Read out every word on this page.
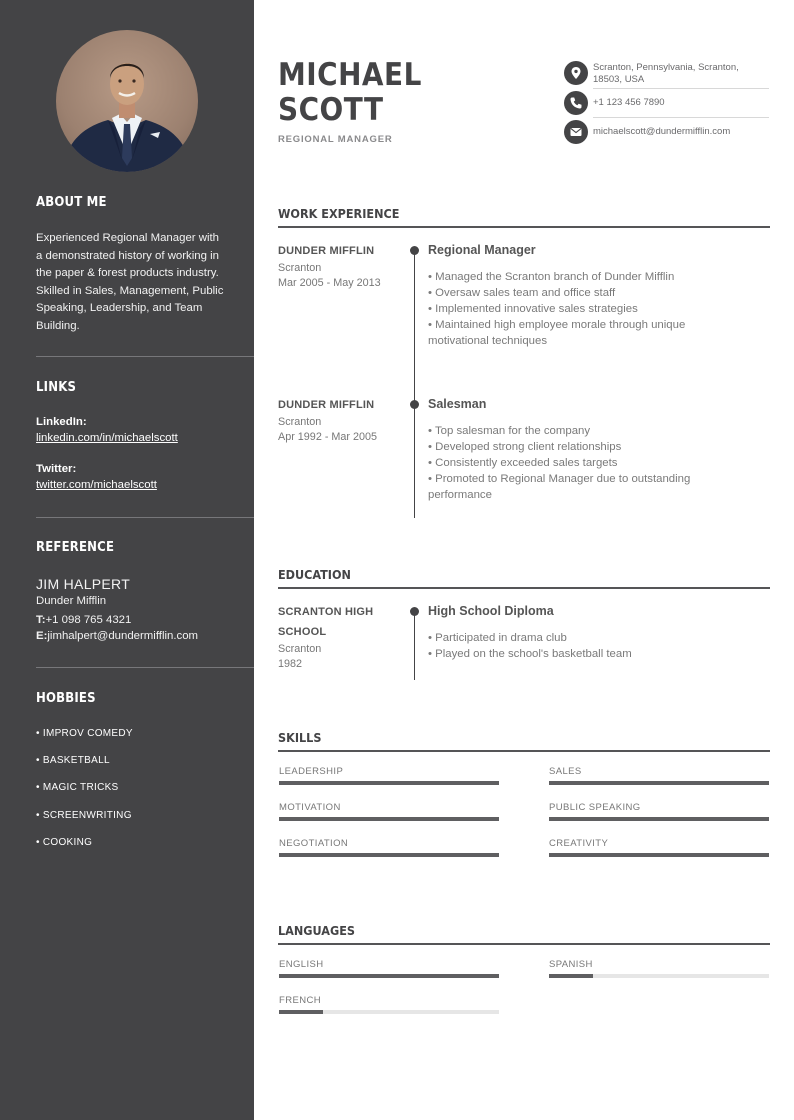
ABOUT ME
Experienced Regional Manager with a demonstrated history of working in the paper & forest products industry. Skilled in Sales, Management, Public Speaking, Leadership, and Team Building.
LINKS
LinkedIn:
linkedin.com/in/michaelscott
Twitter:
twitter.com/michaelscott
REFERENCE
JIM HALPERT
Dunder Mifflin
T:+1 098 765 4321
E:jimhalpert@dundermifflin.com
HOBBIES
• IMPROV COMEDY
• BASKETBALL
• MAGIC TRICKS
• SCREENWRITING
• COOKING
MICHAEL
SCOTT
REGIONAL MANAGER
Scranton, Pennsylvania, Scranton, 18503, USA
+1 123 456 7890
michaelscott@dundermifflin.com
WORK EXPERIENCE
DUNDER MIFFLIN
Scranton
Mar 2005 - May 2013
Regional Manager
• Managed the Scranton branch of Dunder Mifflin
• Oversaw sales team and office staff
• Implemented innovative sales strategies
• Maintained high employee morale through unique motivational techniques
DUNDER MIFFLIN
Scranton
Apr 1992 - Mar 2005
Salesman
• Top salesman for the company
• Developed strong client relationships
• Consistently exceeded sales targets
• Promoted to Regional Manager due to outstanding performance
EDUCATION
SCRANTON HIGH SCHOOL
Scranton
1982
High School Diploma
• Participated in drama club
• Played on the school's basketball team
SKILLS
LEADERSHIP	SALES
MOTIVATION	PUBLIC SPEAKING
NEGOTIATION	CREATIVITY
LANGUAGES
ENGLISH	SPANISH
FRENCH
